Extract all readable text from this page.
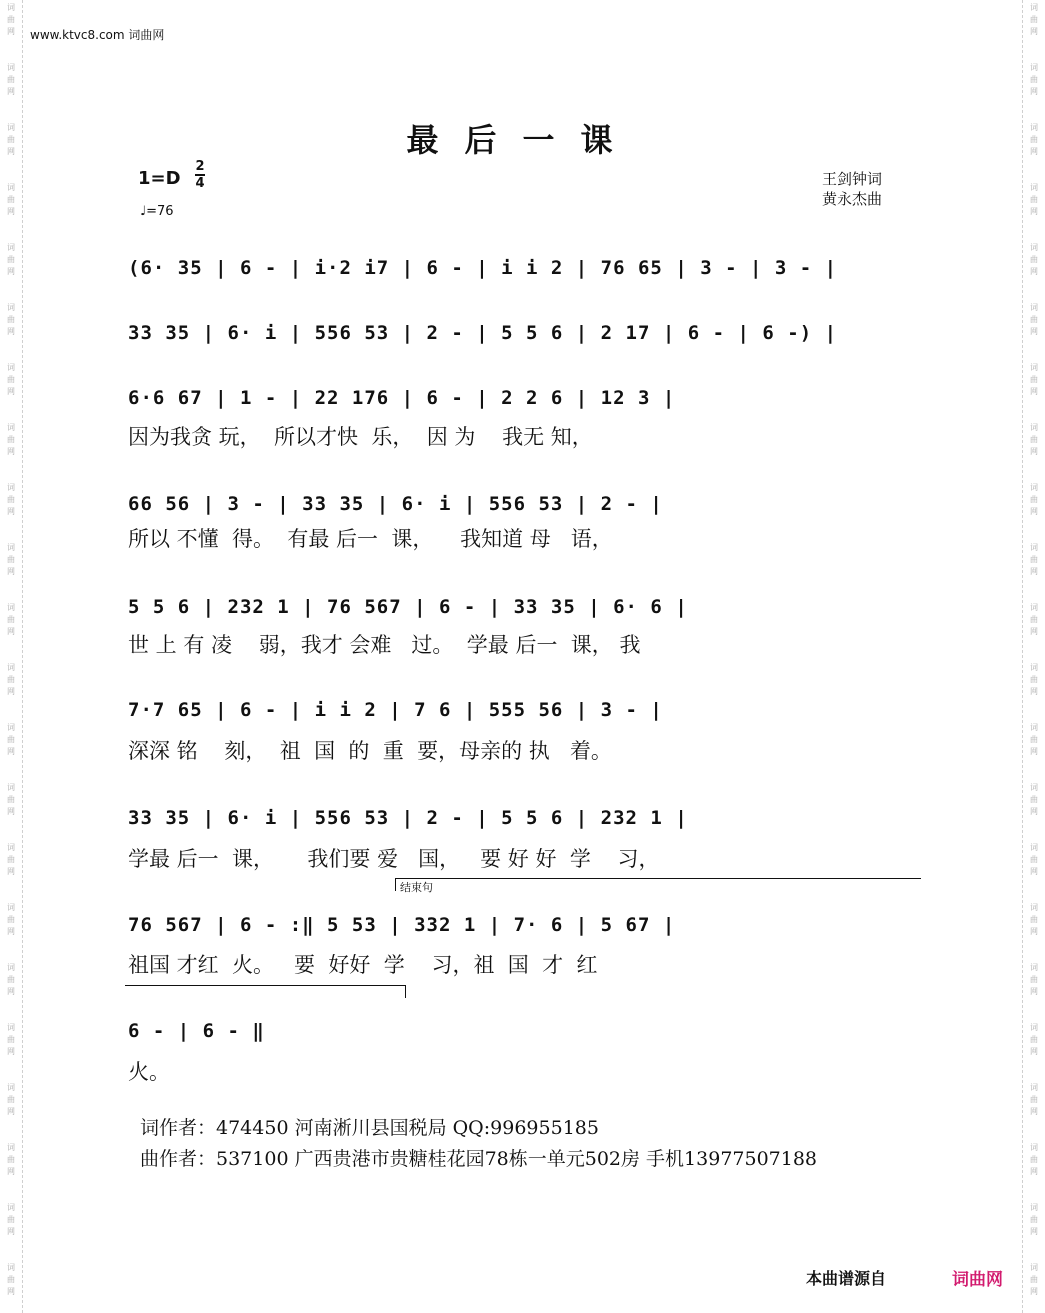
词
曲
网
词
曲
网
词
曲
网
词
曲
网
词
曲
网
词
曲
网
词
曲
网
词
曲
网
词
曲
网
词
曲
网
词
曲
网
词
曲
网
词
曲
网
词
曲
网
词
曲
网
词
曲
网
词
曲
网
词
曲
网
词
曲
网
词
曲
网
词
曲
网
词
曲
网
词
曲
网
词
曲
网
词
曲
网
词
曲
网
词
曲
网
词
曲
网
词
曲
网
词
曲
网
词
曲
网
词
曲
网
词
曲
网
词
曲
网
词
曲
网
词
曲
网
词
曲
网
词
曲
网
词
曲
网
词
曲
网
词
曲
网
词
曲
网
词
曲
网
词
曲
网
www.ktvc8.com 词曲网
最后一课
1=D
2
4
♩=76
王剑钟词
黄永杰曲
(6· 35 | 6 - | i·2 i7 | 6 - | i i 2 | 76 65 | 3 - | 3 - |
33 35 | 6· i | 556 53 | 2 - | 5 5 6 | 2 17 | 6 - | 6 -) |
6·6 67 | 1 - | 22 176 | 6 - | 2 2 6 | 12 3 |
因为我贪 玩，  所以才快  乐，  因 为    我无 知，
66 56 | 3 - | 33 35 | 6· i | 556 53 | 2 - |
所以 不懂  得。  有最 后一  课，    我知道 母   语，
5 5 6 | 232 1 | 76 567 | 6 - | 33 35 | 6· 6 |
世 上 有 凌    弱，我才 会难   过。  学最 后一  课， 我
7·7 65 | 6 - | i i 2 | 7 6 | 555 56 | 3 - |
深深 铭    刻，  祖  国  的  重  要，母亲的 执   着。
33 35 | 6· i | 556 53 | 2 - | 5 5 6 | 232 1 |
学最 后一  课，     我们要 爱   国，   要 好 好  学    习，
结束句
76 567 | 6 - :‖ 5 53 | 332 1 | 7· 6 | 5 67 |
祖国 才红  火。   要  好好  学    习，祖  国  才  红
6 - | 6 - ‖
火。
词作者：474450 河南淅川县国税局 QQ:996955185
曲作者：537100 广西贵港市贵糖桂花园78栋一单元502房 手机13977507188
本曲谱源自	词曲网
